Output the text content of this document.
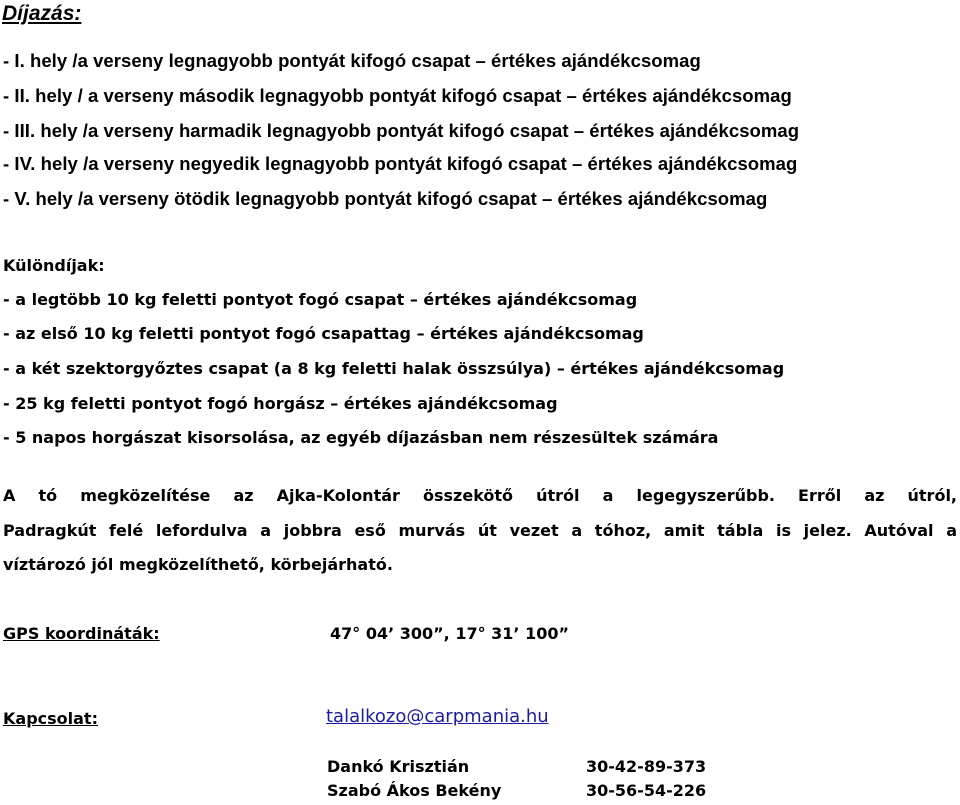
Díjazás:
- I. hely /a verseny legnagyobb pontyát kifogó csapat – értékes ajándékcsomag
- II. hely / a verseny második legnagyobb pontyát kifogó csapat – értékes ajándékcsomag
- III. hely /a verseny harmadik legnagyobb pontyát kifogó csapat – értékes ajándékcsomag
- IV. hely /a verseny negyedik legnagyobb pontyát kifogó csapat – értékes ajándékcsomag
- V. hely /a verseny ötödik legnagyobb pontyát kifogó csapat – értékes ajándékcsomag
Különdíjak:
- a legtöbb 10 kg feletti pontyot fogó csapat – értékes ajándékcsomag
- az első 10 kg feletti pontyot fogó csapattag – értékes ajándékcsomag
- a két szektorgyőztes csapat (a 8 kg feletti halak összsúlya) – értékes ajándékcsomag
- 25 kg feletti pontyot fogó horgász – értékes ajándékcsomag
- 5 napos horgászat kisorsolása, az egyéb díjazásban nem részesültek számára
A tó megközelítése az Ajka-Kolontár összekötő útról a legegyszerűbb. Erről az útról,
Padragkút felé lefordulva a jobbra eső murvás út vezet a tóhoz, amit tábla is jelez. Autóval a
víztározó jól megközelíthető, körbejárható.
GPS koordináták:	47° 04’ 300”, 17° 31’ 100”
Kapcsolat:	talalkozo@carpmania.hu
Dankó Krisztián	30-42-89-373
Szabó Ákos Bekény	30-56-54-226
